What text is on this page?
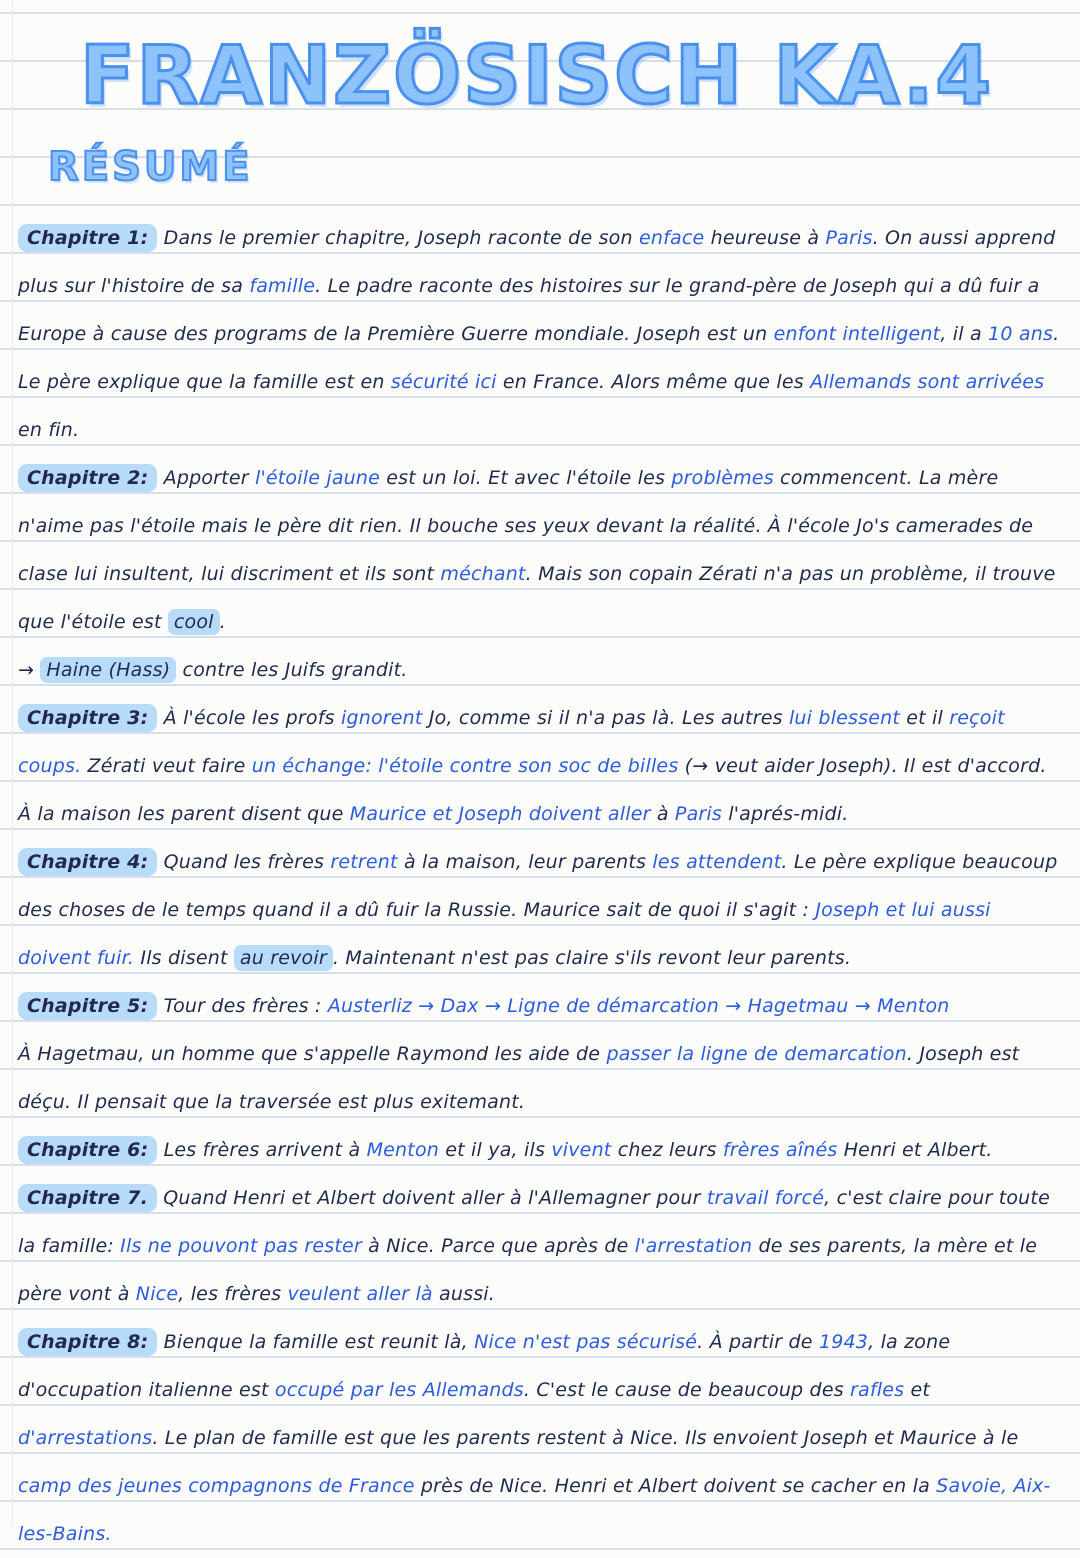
FRANZÖSISCH KA.4
RÉSUMÉ

Chapitre 1: Dans le premier chapitre, Joseph raconte de son enface heureuse à Paris. On aussi apprend plus sur l'histoire de sa famille. Le padre raconte des histoires sur le grand-père de Joseph qui a dû fuir a Europe à cause des programs de la Première Guerre mondiale. Joseph est un enfont intelligent, il a 10 ans. Le père explique que la famille est en sécurité ici en France. Alors même que les Allemands sont arrivées en fin.

Chapitre 2: Apporter l'étoile jaune est un loi. Et avec l'étoile les problèmes commencent. La mère n'aime pas l'étoile mais le père dit rien. Il bouche ses yeux devant la réalité. À l'école Jo's camerades de clase lui insultent, lui discriment et ils sont méchant. Mais son copain Zérati n'a pas un problème, il trouve que l'étoile est cool .
→ Haine (Hass) contre les Juifs grandit.

Chapitre 3: À l'école les profs ignorent Jo, comme si il n'a pas là. Les autres lui blessent et il reçoit coups. Zérati veut faire un échange: l'étoile contre son soc de billes (→ veut aider Joseph). Il est d'accord. À la maison les parent disent que Maurice et Joseph doivent aller à Paris l'aprés-midi.

Chapitre 4: Quand les frères retrent à la maison, leur parents les attendent. Le père explique beaucoup des choses de le temps quand il a dû fuir la Russie. Maurice sait de quoi il s'agit : Joseph et lui aussi doivent fuir. Ils disent au revoir . Maintenant n'est pas claire s'ils revont leur parents.

Chapitre 5: Tour des frères : Austerliz → Dax → Ligne de démarcation → Hagetmau → Menton
À Hagetmau, un homme que s'appelle Raymond les aide de passer la ligne de demarcation. Joseph est déçu. Il pensait que la traversée est plus exitemant.

Chapitre 6: Les frères arrivent à Menton et il ya, ils vivent chez leurs frères aînés Henri et Albert.

Chapitre 7. Quand Henri et Albert doivent aller à l'Allemagner pour travail forcé, c'est claire pour toute la famille: Ils ne pouvont pas rester à Nice. Parce que après de l'arrestation de ses parents, la mère et le père vont à Nice, les frères veulent aller là aussi.

Chapitre 8: Bienque la famille est reunit là, Nice n'est pas sécurisé. À partir de 1943, la zone d'occupation italienne est occupé par les Allemands. C'est le cause de beaucoup des rafles et d'arrestations. Le plan de famille est que les parents restent à Nice. Ils envoient Joseph et Maurice à le camp des jeunes compagnons de France près de Nice. Henri et Albert doivent se cacher en la Savoie, Aix-les-Bains.
